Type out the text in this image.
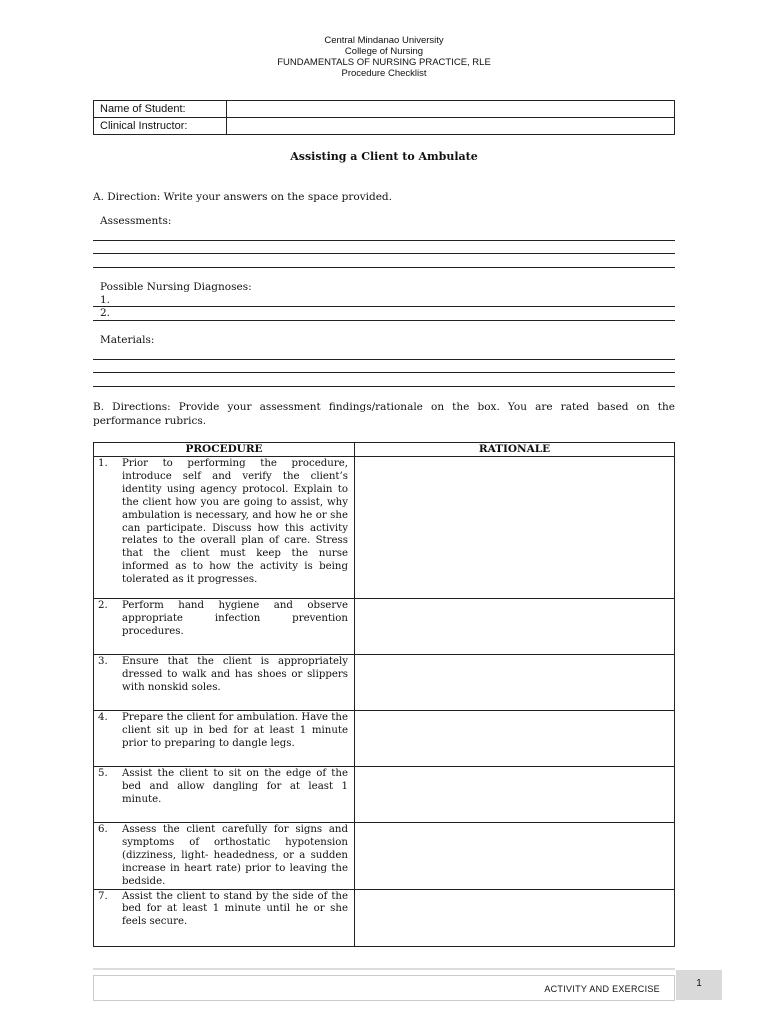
Central Mindanao University
College of Nursing
FUNDAMENTALS OF NURSING PRACTICE, RLE
Procedure Checklist
Name of Student:	
Clinical Instructor:	
Assisting a Client to Ambulate
A. Direction: Write your answers on the space provided.
Assessments:
Possible Nursing Diagnoses:
1.
2.
Materials:
B. Directions: Provide your assessment findings/rationale on the box. You are rated based on the performance rubrics.
PROCEDURE	RATIONALE

1. Prior to performing the procedure, introduce self and verify the client’s identity using agency protocol. Explain to the client how you are going to assist, why ambulation is necessary, and how he or she can participate. Discuss how this activity relates to the overall plan of care. Stress that the client must keep the nurse informed as to how the activity is being tolerated as it progresses.	

2. Perform hand hygiene and observe appropriate infection prevention procedures.	

3. Ensure that the client is appropriately dressed to walk and has shoes or slippers with nonskid soles.	

4. Prepare the client for ambulation. Have the client sit up in bed for at least 1 minute prior to preparing to dangle legs.	

5. Assist the client to sit on the edge of the bed and allow dangling for at least 1 minute.	

6. Assess the client carefully for signs and symptoms of orthostatic hypotension (dizziness, light- headedness, or a sudden increase in heart rate) prior to leaving the bedside.	

7. Assist the client to stand by the side of the bed for at least 1 minute until he or she feels secure.	

ACTIVITY AND EXERCISE	1
